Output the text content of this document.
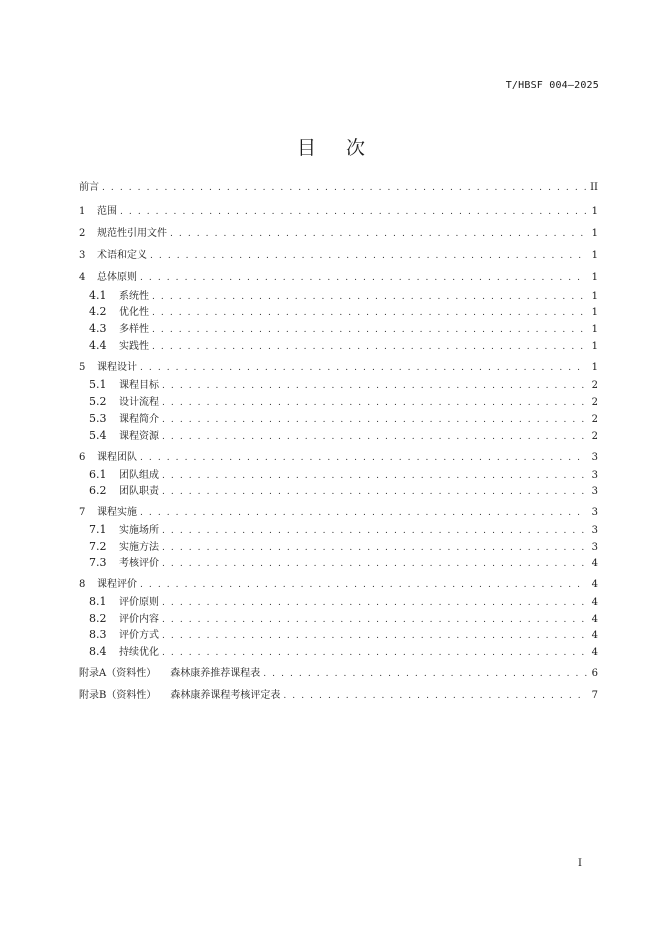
T/HBSF 004—2025
目次
前言 . . .	II
1	范围 . . .	1
2	规范性引用文件 . . .	1
3	术语和定义 . . .	1
4	总体原则 . . .	1
4.1	系统性 . . .	1
4.2	优化性 . . .	1
4.3	多样性 . . .	1
4.4	实践性 . . .	1
5	课程设计 . . .	1
5.1	课程目标 . . .	2
5.2	设计流程 . . .	2
5.3	课程简介 . . .	2
5.4	课程资源 . . .	2
6	课程团队 . . .	3
6.1	团队组成 . . .	3
6.2	团队职责 . . .	3
7	课程实施 . . .	3
7.1	实施场所 . . .	3
7.2	实施方法 . . .	3
7.3	考核评价 . . .	4
8	课程评价 . . .	4
8.1	评价原则 . . .	4
8.2	评价内容 . . .	4
8.3	评价方式 . . .	4
8.4	持续优化 . . .	4
附录A（资料性） 森林康养推荐课程表 . . .	6
附录B（资料性） 森林康养课程考核评定表 . . .	7
I
